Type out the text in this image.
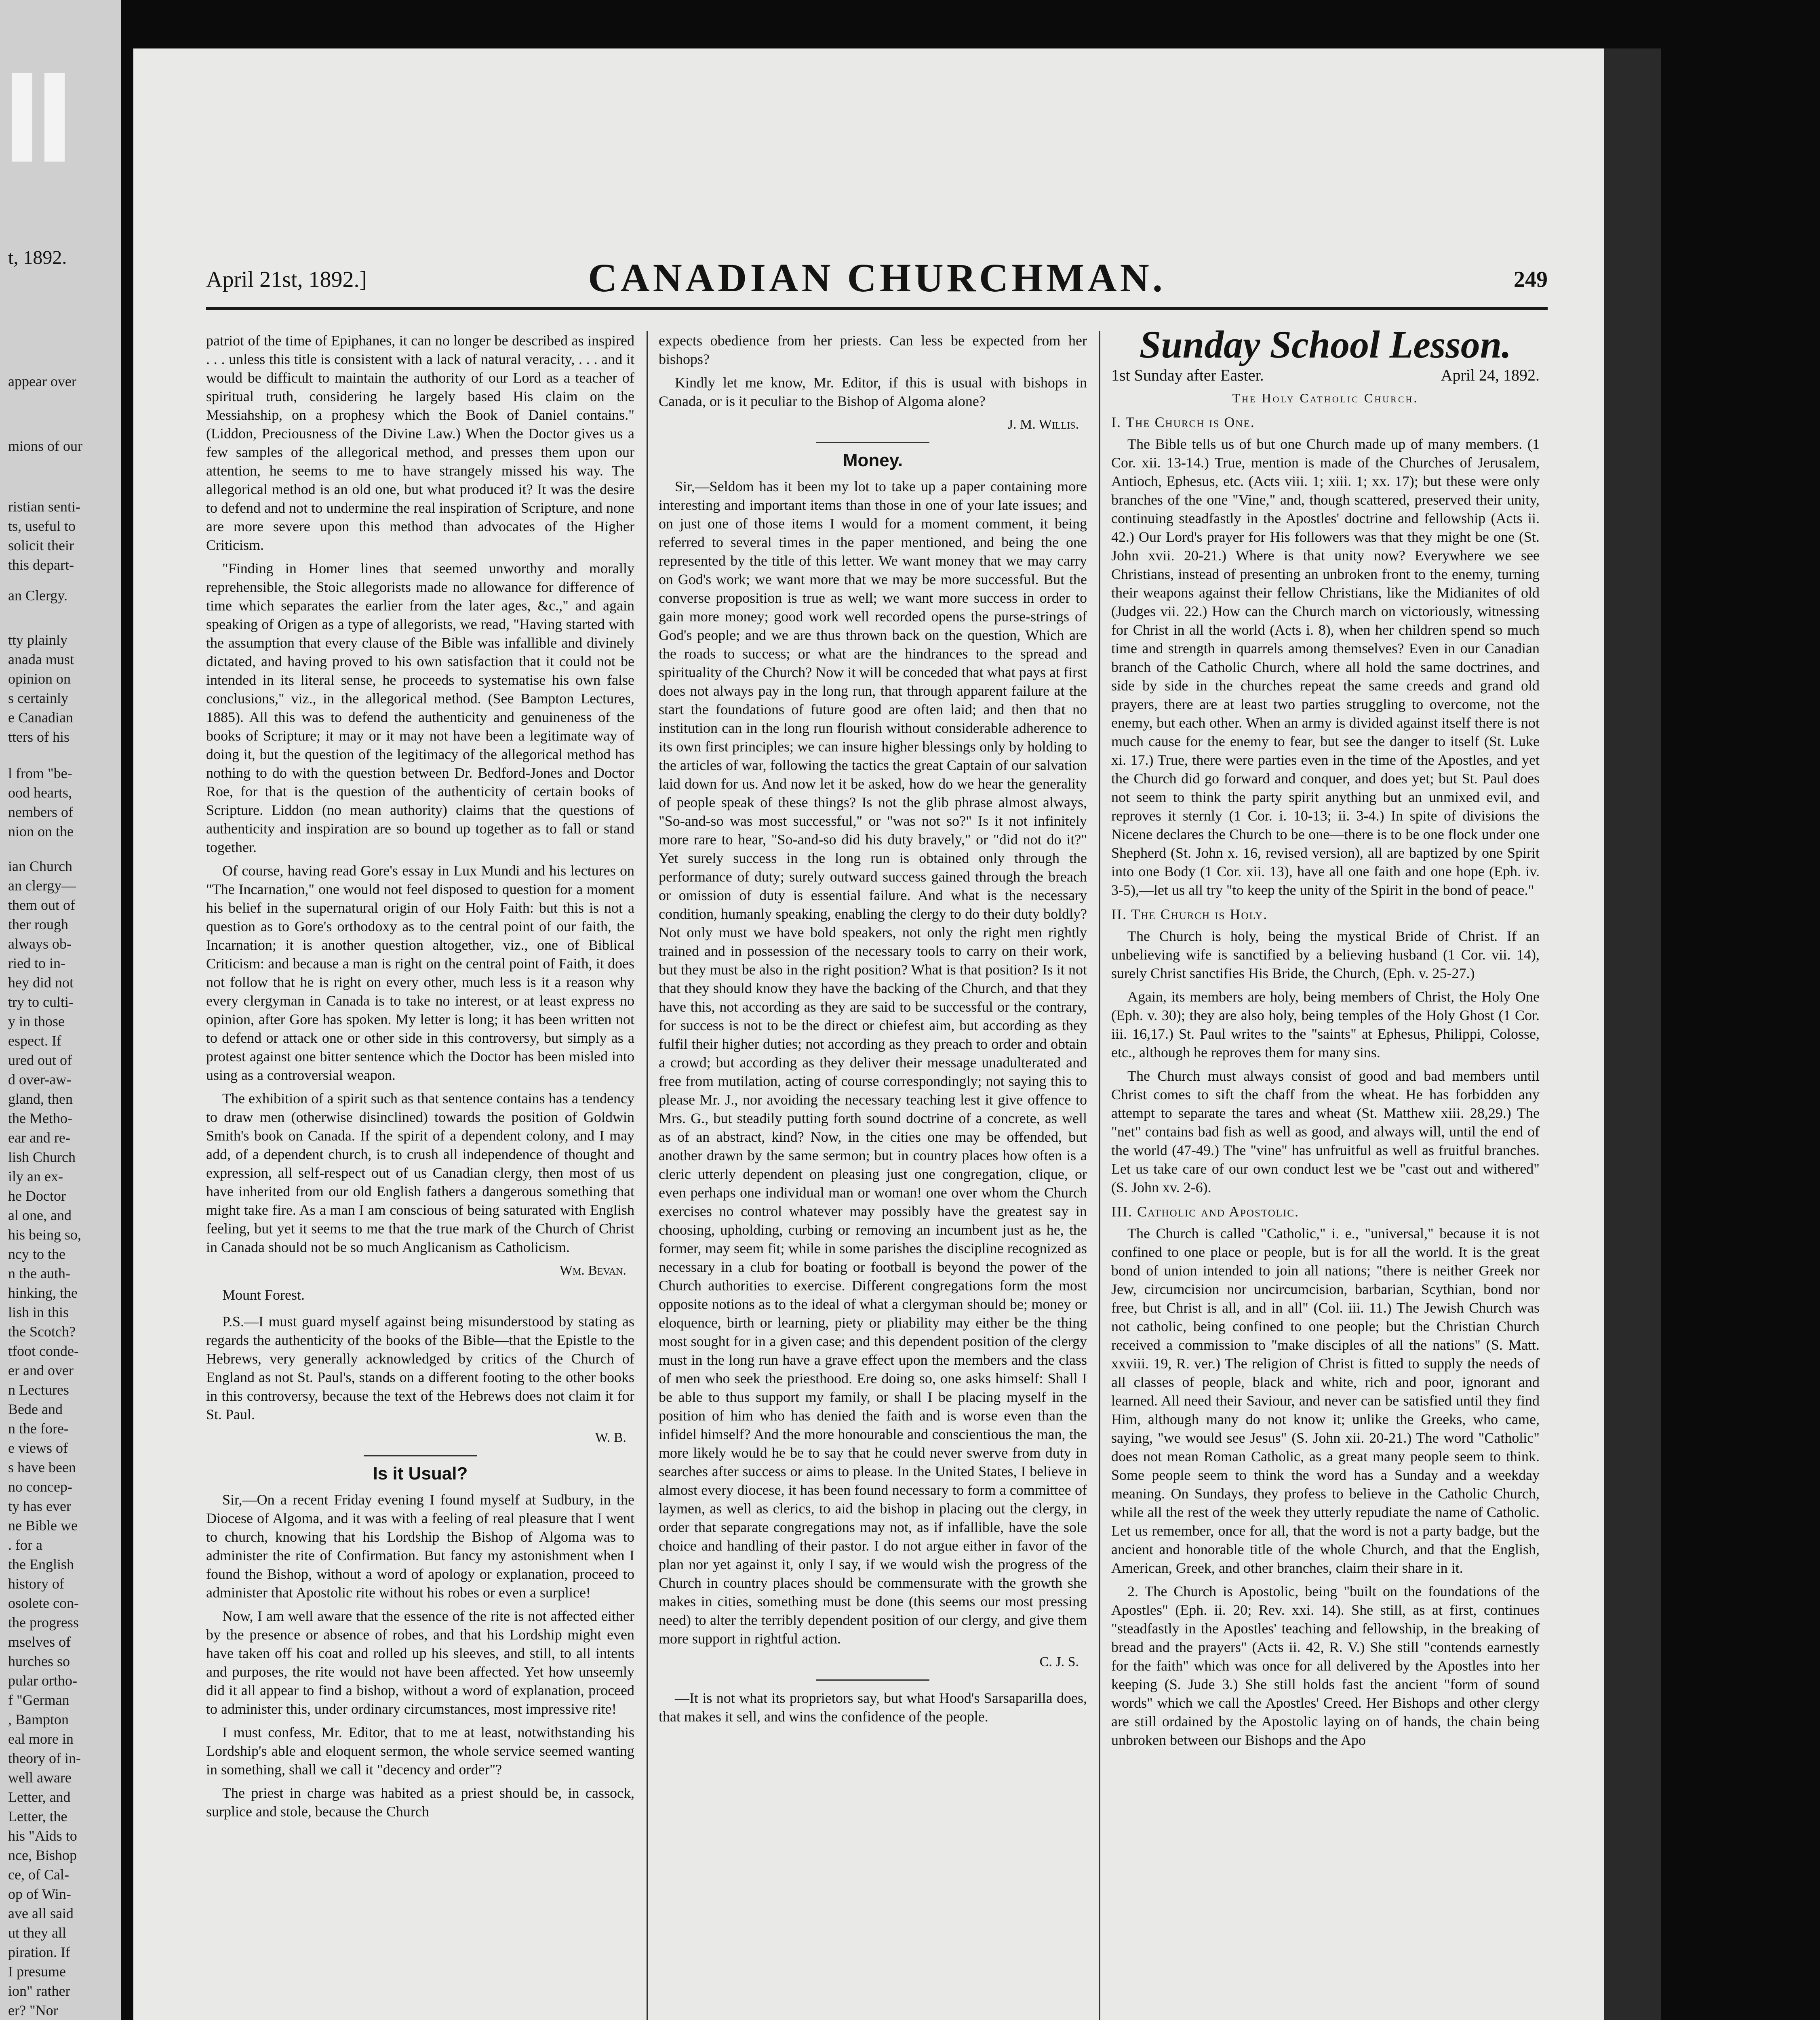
t, 1892.
appear over
mions of our
ristian senti-
ts, useful to
solicit their
this depart-
an Clergy.
tty plainly
anada must
opinion on
s certainly
e Canadian
tters of his
l from "be-
ood hearts,
nembers of
nion on the
ian Church
an clergy—
them out of
ther rough
always ob-
ried to in-
hey did not
try to culti-
y in those
espect. If
ured out of
d over-aw-
gland, then
the Metho-
ear and re-
lish Church
ily an ex-
he Doctor
al one, and
his being so,
ncy to the
n the auth-
hinking, the
lish in this
the Scotch?
tfoot conde-
er and over
n Lectures
Bede and
n the fore-
e views of
s have been
no concep-
ty has ever
ne Bible we
. for a
the English
history of
osolete con-
the progress
mselves of
hurches so
pular ortho-
f "German
, Bampton
eal more in
theory of in-
well aware
Letter, and
Letter, the
his "Aids to
nce, Bishop
ce, of Cal-
op of Win-
ave all said
ut they all
piration. If
I presume
ion" rather
er? "Nor

April 21st, 1892.]	CANADIAN CHURCHMAN.	249

patriot of the time of Epiphanes, it can no longer be described as inspired . . . unless this title is consistent with a lack of natural veracity, . . . and it would be difficult to maintain the authority of our Lord as a teacher of spiritual truth, considering he largely based His claim on the Messiahship, on a prophesy which the Book of Daniel contains." (Liddon, Preciousness of the Divine Law.) When the Doctor gives us a few samples of the allegorical method, and presses them upon our attention, he seems to me to have strangely missed his way. The allegorical method is an old one, but what produced it? It was the desire to defend and not to undermine the real inspiration of Scripture, and none are more severe upon this method than advocates of the Higher Criticism.

"Finding in Homer lines that seemed unworthy and morally reprehensible, the Stoic allegorists made no allowance for difference of time which separates the earlier from the later ages, &c.," and again speaking of Origen as a type of allegorists, we read, "Having started with the assumption that every clause of the Bible was infallible and divinely dictated, and having proved to his own satisfaction that it could not be intended in its literal sense, he proceeds to systematise his own false conclusions," viz., in the allegorical method. (See Bampton Lectures, 1885). All this was to defend the authenticity and genuineness of the books of Scripture; it may or it may not have been a legitimate way of doing it, but the question of the legitimacy of the allegorical method has nothing to do with the question between Dr. Bedford-Jones and Doctor Roe, for that is the question of the authenticity of certain books of Scripture. Liddon (no mean authority) claims that the questions of authenticity and inspiration are so bound up together as to fall or stand together.

Of course, having read Gore's essay in Lux Mundi and his lectures on "The Incarnation," one would not feel disposed to question for a moment his belief in the supernatural origin of our Holy Faith: but this is not a question as to Gore's orthodoxy as to the central point of our faith, the Incarnation; it is another question altogether, viz., one of Biblical Criticism: and because a man is right on the central point of Faith, it does not follow that he is right on every other, much less is it a reason why every clergyman in Canada is to take no interest, or at least express no opinion, after Gore has spoken. My letter is long; it has been written not to defend or attack one or other side in this controversy, but simply as a protest against one bitter sentence which the Doctor has been misled into using as a controversial weapon.

The exhibition of a spirit such as that sentence contains has a tendency to draw men (otherwise disinclined) towards the position of Goldwin Smith's book on Canada. If the spirit of a dependent colony, and I may add, of a dependent church, is to crush all independence of thought and expression, all self-respect out of us Canadian clergy, then most of us have inherited from our old English fathers a dangerous something that might take fire. As a man I am conscious of being saturated with English feeling, but yet it seems to me that the true mark of the Church of Christ in Canada should not be so much Anglicanism as Catholicism.

Wm. Bevan.
Mount Forest.

P.S.—I must guard myself against being misunderstood by stating as regards the authenticity of the books of the Bible—that the Epistle to the Hebrews, very generally acknowledged by critics of the Church of England as not St. Paul's, stands on a different footing to the other books in this controversy, because the text of the Hebrews does not claim it for St. Paul.

W. B.
Is it Usual?

Sir,—On a recent Friday evening I found myself at Sudbury, in the Diocese of Algoma, and it was with a feeling of real pleasure that I went to church, knowing that his Lordship the Bishop of Algoma was to administer the rite of Confirmation. But fancy my astonishment when I found the Bishop, without a word of apology or explanation, proceed to administer that Apostolic rite without his robes or even a surplice!

Now, I am well aware that the essence of the rite is not affected either by the presence or absence of robes, and that his Lordship might even have taken off his coat and rolled up his sleeves, and still, to all intents and purposes, the rite would not have been affected. Yet how unseemly did it all appear to find a bishop, without a word of explanation, proceed to administer this, under ordinary circumstances, most impressive rite!

I must confess, Mr. Editor, that to me at least, notwithstanding his Lordship's able and eloquent sermon, the whole service seemed wanting in something, shall we call it "decency and order"?

The priest in charge was habited as a priest should be, in cassock, surplice and stole, because the Church

expects obedience from her priests. Can less be expected from her bishops?

Kindly let me know, Mr. Editor, if this is usual with bishops in Canada, or is it peculiar to the Bishop of Algoma alone?

J. M. Willis.
Money.

Sir,—Seldom has it been my lot to take up a paper containing more interesting and important items than those in one of your late issues; and on just one of those items I would for a moment comment, it being referred to several times in the paper mentioned, and being the one represented by the title of this letter. We want money that we may carry on God's work; we want more that we may be more successful. But the converse proposition is true as well; we want more success in order to gain more money; good work well recorded opens the purse-strings of God's people; and we are thus thrown back on the question, Which are the roads to success; or what are the hindrances to the spread and spirituality of the Church? Now it will be conceded that what pays at first does not always pay in the long run, that through apparent failure at the start the foundations of future good are often laid; and then that no institution can in the long run flourish without considerable adherence to its own first principles; we can insure higher blessings only by holding to the articles of war, following the tactics the great Captain of our salvation laid down for us. And now let it be asked, how do we hear the generality of people speak of these things? Is not the glib phrase almost always, "So-and-so was most successful," or "was not so?" Is it not infinitely more rare to hear, "So-and-so did his duty bravely," or "did not do it?" Yet surely success in the long run is obtained only through the performance of duty; surely outward success gained through the breach or omission of duty is essential failure. And what is the necessary condition, humanly speaking, enabling the clergy to do their duty boldly? Not only must we have bold speakers, not only the right men rightly trained and in possession of the necessary tools to carry on their work, but they must be also in the right position? What is that position? Is it not that they should know they have the backing of the Church, and that they have this, not according as they are said to be successful or the contrary, for success is not to be the direct or chiefest aim, but according as they fulfil their higher duties; not according as they preach to order and obtain a crowd; but according as they deliver their message unadulterated and free from mutilation, acting of course correspondingly; not saying this to please Mr. J., nor avoiding the necessary teaching lest it give offence to Mrs. G., but steadily putting forth sound doctrine of a concrete, as well as of an abstract, kind? Now, in the cities one may be offended, but another drawn by the same sermon; but in country places how often is a cleric utterly dependent on pleasing just one congregation, clique, or even perhaps one individual man or woman! one over whom the Church exercises no control whatever may possibly have the greatest say in choosing, upholding, curbing or removing an incumbent just as he, the former, may seem fit; while in some parishes the discipline recognized as necessary in a club for boating or football is beyond the power of the Church authorities to exercise. Different congregations form the most opposite notions as to the ideal of what a clergyman should be; money or eloquence, birth or learning, piety or pliability may either be the thing most sought for in a given case; and this dependent position of the clergy must in the long run have a grave effect upon the members and the class of men who seek the priesthood. Ere doing so, one asks himself: Shall I be able to thus support my family, or shall I be placing myself in the position of him who has denied the faith and is worse even than the infidel himself? And the more honourable and conscientious the man, the more likely would he be to say that he could never swerve from duty in searches after success or aims to please. In the United States, I believe in almost every diocese, it has been found necessary to form a committee of laymen, as well as clerics, to aid the bishop in placing out the clergy, in order that separate congregations may not, as if infallible, have the sole choice and handling of their pastor. I do not argue either in favor of the plan nor yet against it, only I say, if we would wish the progress of the Church in country places should be commensurate with the growth she makes in cities, something must be done (this seems our most pressing need) to alter the terribly dependent position of our clergy, and give them more support in rightful action.

C. J. S.

—It is not what its proprietors say, but what Hood's Sarsaparilla does, that makes it sell, and wins the confidence of the people.

Sunday School Lesson.
1st Sunday after Easter.	April 24, 1892.
The Holy Catholic Church.
I. The Church is One.

The Bible tells us of but one Church made up of many members. (1 Cor. xii. 13-14.) True, mention is made of the Churches of Jerusalem, Antioch, Ephesus, etc. (Acts viii. 1; xiii. 1; xx. 17); but these were only branches of the one "Vine," and, though scattered, preserved their unity, continuing steadfastly in the Apostles' doctrine and fellowship (Acts ii. 42.) Our Lord's prayer for His followers was that they might be one (St. John xvii. 20-21.) Where is that unity now? Everywhere we see Christians, instead of presenting an unbroken front to the enemy, turning their weapons against their fellow Christians, like the Midianites of old (Judges vii. 22.) How can the Church march on victoriously, witnessing for Christ in all the world (Acts i. 8), when her children spend so much time and strength in quarrels among themselves? Even in our Canadian branch of the Catholic Church, where all hold the same doctrines, and side by side in the churches repeat the same creeds and grand old prayers, there are at least two parties struggling to overcome, not the enemy, but each other. When an army is divided against itself there is not much cause for the enemy to fear, but see the danger to itself (St. Luke xi. 17.) True, there were parties even in the time of the Apostles, and yet the Church did go forward and conquer, and does yet; but St. Paul does not seem to think the party spirit anything but an unmixed evil, and reproves it sternly (1 Cor. i. 10-13; ii. 3-4.) In spite of divisions the Nicene declares the Church to be one—there is to be one flock under one Shepherd (St. John x. 16, revised version), all are baptized by one Spirit into one Body (1 Cor. xii. 13), have all one faith and one hope (Eph. iv. 3-5),—let us all try "to keep the unity of the Spirit in the bond of peace."

II. The Church is Holy.

The Church is holy, being the mystical Bride of Christ. If an unbelieving wife is sanctified by a believing husband (1 Cor. vii. 14), surely Christ sanctifies His Bride, the Church, (Eph. v. 25-27.)

Again, its members are holy, being members of Christ, the Holy One (Eph. v. 30); they are also holy, being temples of the Holy Ghost (1 Cor. iii. 16,17.) St. Paul writes to the "saints" at Ephesus, Philippi, Colosse, etc., although he reproves them for many sins.

The Church must always consist of good and bad members until Christ comes to sift the chaff from the wheat. He has forbidden any attempt to separate the tares and wheat (St. Matthew xiii. 28,29.) The "net" contains bad fish as well as good, and always will, until the end of the world (47-49.) The "vine" has unfruitful as well as fruitful branches. Let us take care of our own conduct lest we be "cast out and withered" (S. John xv. 2-6).

III. Catholic and Apostolic.

The Church is called "Catholic," i. e., "universal," because it is not confined to one place or people, but is for all the world. It is the great bond of union intended to join all nations; "there is neither Greek nor Jew, circumcision nor uncircumcision, barbarian, Scythian, bond nor free, but Christ is all, and in all" (Col. iii. 11.) The Jewish Church was not catholic, being confined to one people; but the Christian Church received a commission to "make disciples of all the nations" (S. Matt. xxviii. 19, R. ver.) The religion of Christ is fitted to supply the needs of all classes of people, black and white, rich and poor, ignorant and learned. All need their Saviour, and never can be satisfied until they find Him, although many do not know it; unlike the Greeks, who came, saying, "we would see Jesus" (S. John xii. 20-21.) The word "Catholic" does not mean Roman Catholic, as a great many people seem to think. Some people seem to think the word has a Sunday and a weekday meaning. On Sundays, they profess to believe in the Catholic Church, while all the rest of the week they utterly repudiate the name of Catholic. Let us remember, once for all, that the word is not a party badge, but the ancient and honorable title of the whole Church, and that the English, American, Greek, and other branches, claim their share in it.

2. The Church is Apostolic, being "built on the foundations of the Apostles" (Eph. ii. 20; Rev. xxi. 14). She still, as at first, continues "steadfastly in the Apostles' teaching and fellowship, in the breaking of bread and the prayers" (Acts ii. 42, R. V.) She still "contends earnestly for the faith" which was once for all delivered by the Apostles into her keeping (S. Jude 3.) She still holds fast the ancient "form of sound words" which we call the Apostles' Creed. Her Bishops and other clergy are still ordained by the Apostolic laying on of hands, the chain being unbroken between our Bishops and the Apo
